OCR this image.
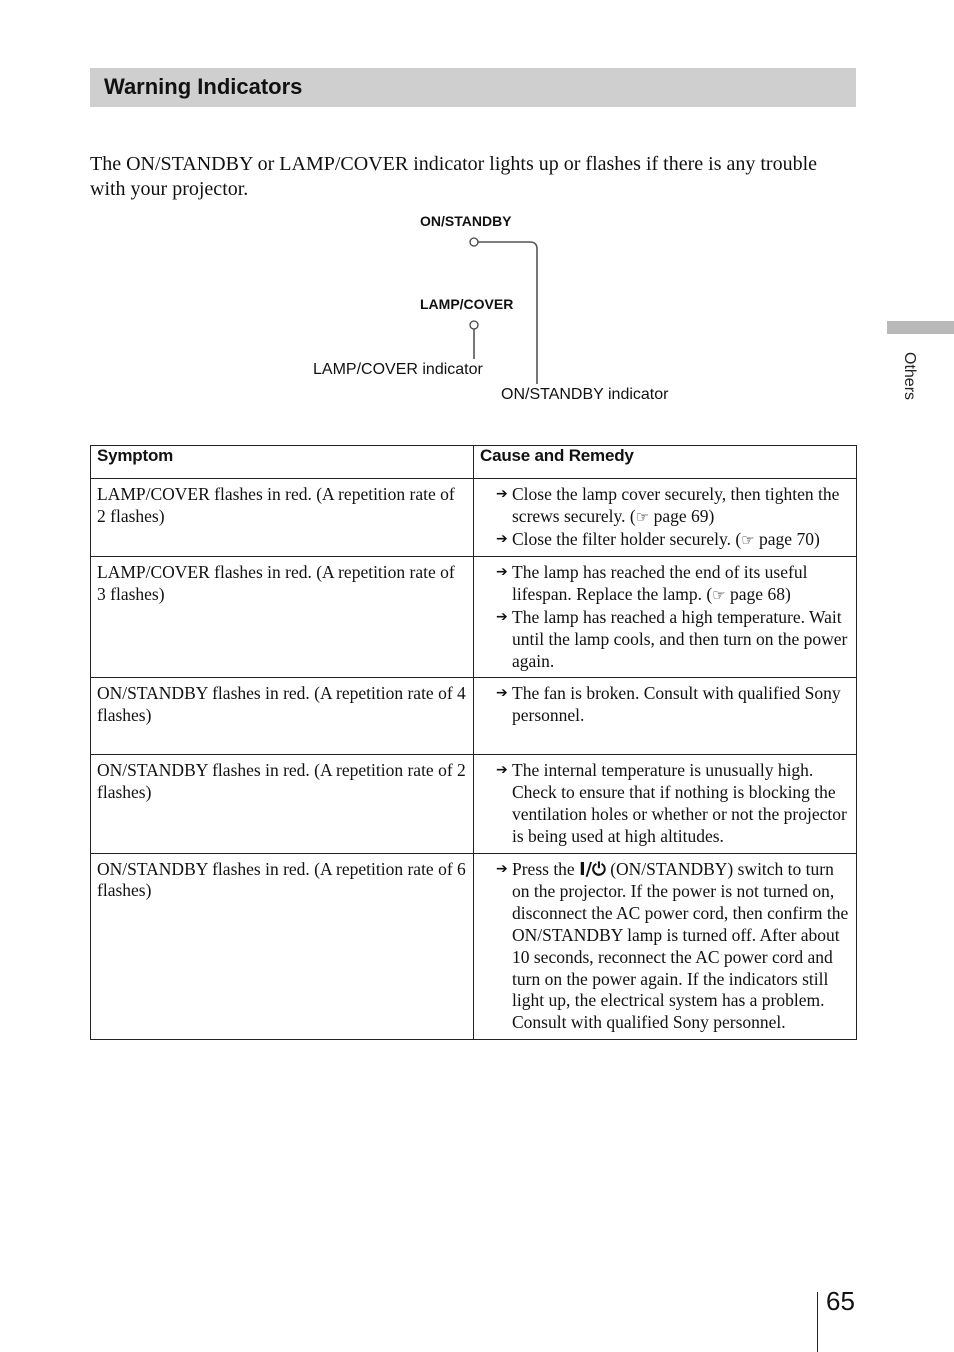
Warning Indicators

The ON/STANDBY or LAMP/COVER indicator lights up or flashes if there is any trouble with your projector.

ON/STANDBY
LAMP/COVER
LAMP/COVER indicator
ON/STANDBY indicator
Symptom	Cause and Remedy
LAMP/COVER flashes in red. (A repetition rate of 2 flashes)	➔ Close the lamp cover securely, then tighten the screws securely. (☞ page 69)
➔ Close the filter holder securely. (☞ page 70)

LAMP/COVER flashes in red. (A repetition rate of 3 flashes)	➔ The lamp has reached the end of its useful lifespan. Replace the lamp. (☞ page 68)
➔ The lamp has reached a high temperature. Wait until the lamp cools, and then turn on the power again.

ON/STANDBY flashes in red. (A repetition rate of 4 flashes)	➔ The fan is broken. Consult with qualified Sony personnel.

ON/STANDBY flashes in red. (A repetition rate of 2 flashes)	➔ The internal temperature is unusually high. Check to ensure that if nothing is blocking the ventilation holes or whether or not the projector is being used at high altitudes.

ON/STANDBY flashes in red. (A repetition rate of 6 flashes)	➔ Press the I/⏻ (ON/STANDBY) switch to turn on the projector. If the power is not turned on, disconnect the AC power cord, then confirm the ON/STANDBY lamp is turned off. After about 10 seconds, reconnect the AC power cord and turn on the power again. If the indicators still light up, the electrical system has a problem. Consult with qualified Sony personnel.
Others
65
